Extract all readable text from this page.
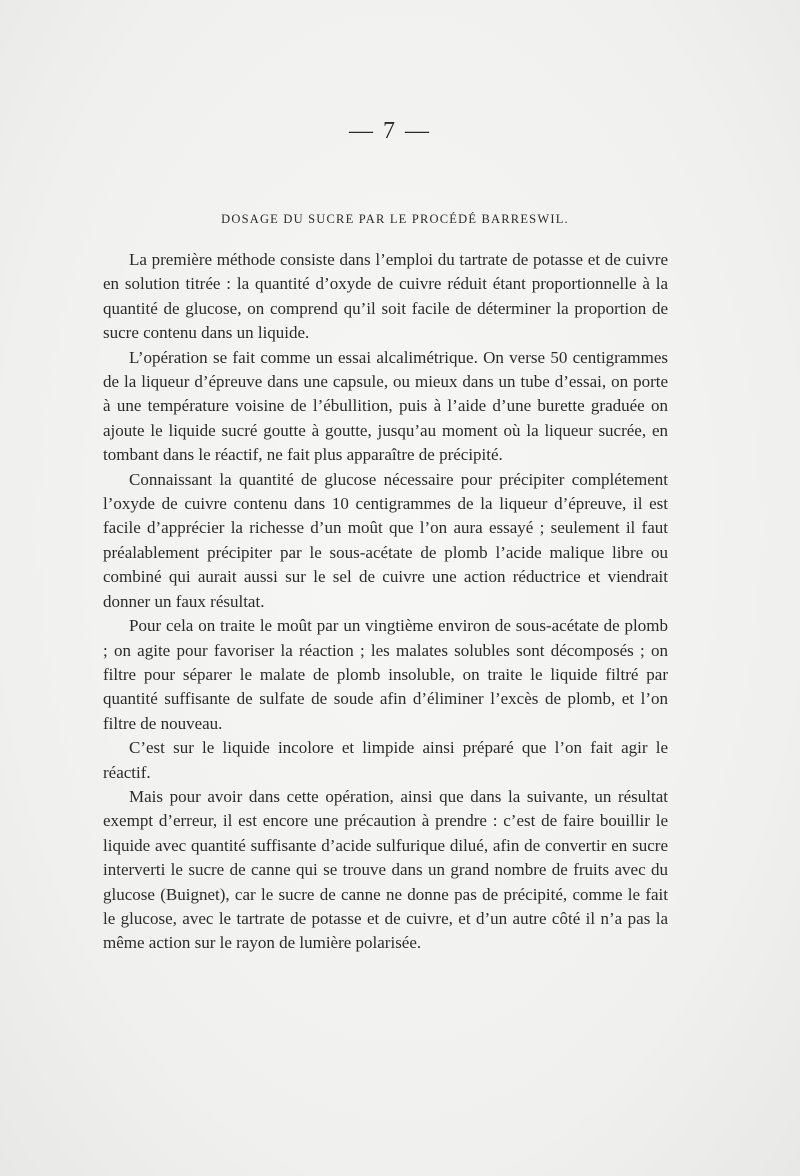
— 7 —
DOSAGE DU SUCRE PAR LE PROCÉDÉ BARRESWIL.

La première méthode consiste dans l’emploi du tartrate de potasse et de cuivre en solution titrée : la quantité d’oxyde de cuivre réduit étant proportionnelle à la quantité de glucose, on comprend qu’il soit facile de déterminer la proportion de sucre contenu dans un liquide.

L’opération se fait comme un essai alcalimétrique. On verse 50 centigrammes de la liqueur d’épreuve dans une capsule, ou mieux dans un tube d’essai, on porte à une température voisine de l’ébullition, puis à l’aide d’une burette graduée on ajoute le liquide sucré goutte à goutte, jusqu’au moment où la liqueur sucrée, en tombant dans le réactif, ne fait plus apparaître de précipité.

Connaissant la quantité de glucose nécessaire pour précipiter complétement l’oxyde de cuivre contenu dans 10 centigrammes de la liqueur d’épreuve, il est facile d’apprécier la richesse d’un moût que l’on aura essayé ; seulement il faut préalablement précipiter par le sous-acétate de plomb l’acide malique libre ou combiné qui aurait aussi sur le sel de cuivre une action réductrice et viendrait donner un faux résultat.

Pour cela on traite le moût par un vingtième environ de sous-acétate de plomb ; on agite pour favoriser la réaction ; les malates solubles sont décomposés ; on filtre pour séparer le malate de plomb insoluble, on traite le liquide filtré par quantité suffisante de sulfate de soude afin d’éliminer l’excès de plomb, et l’on filtre de nouveau.

C’est sur le liquide incolore et limpide ainsi préparé que l’on fait agir le réactif.

Mais pour avoir dans cette opération, ainsi que dans la suivante, un résultat exempt d’erreur, il est encore une précaution à prendre : c’est de faire bouillir le liquide avec quantité suffisante d’acide sulfurique dilué, afin de convertir en sucre interverti le sucre de canne qui se trouve dans un grand nombre de fruits avec du glucose (Buignet), car le sucre de canne ne donne pas de précipité, comme le fait le glucose, avec le tartrate de potasse et de cuivre, et d’un autre côté il n’a pas la même action sur le rayon de lumière polarisée.
